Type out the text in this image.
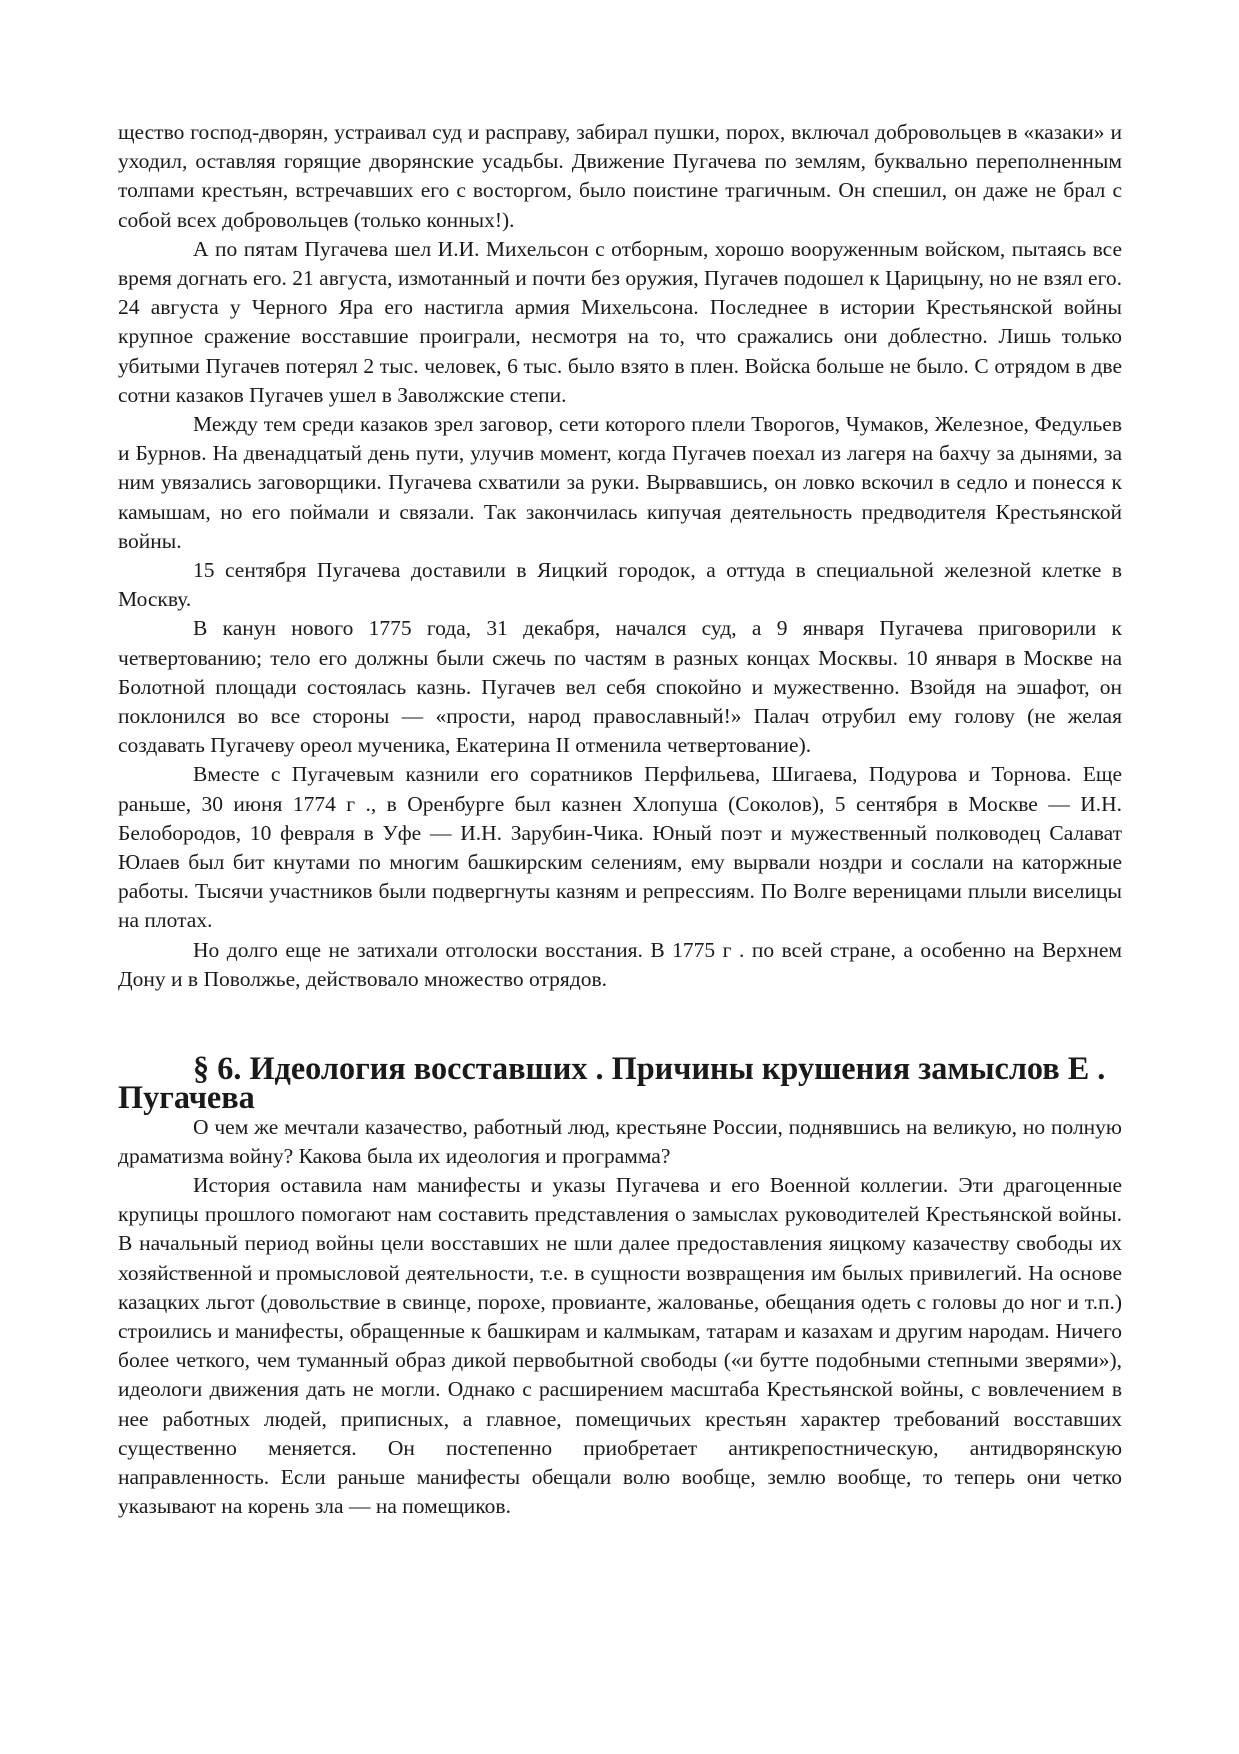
щество господ-дворян, устраивал суд и расправу, забирал пушки, порох, включал добровольцев в «казаки» и уходил, оставляя горящие дворянские усадьбы. Движение Пугачева по землям, буквально переполненным толпами крестьян, встречавших его с восторгом, было поистине трагичным. Он спешил, он даже не брал с собой всех добровольцев (только конных!).

А по пятам Пугачева шел И.И. Михельсон с отборным, хорошо вооруженным войском, пытаясь все время догнать его. 21 августа, измотанный и почти без оружия, Пугачев подошел к Царицыну, но не взял его. 24 августа у Черного Яра его настигла армия Михельсона. Последнее в истории Крестьянской войны крупное сражение восставшие проиграли, несмотря на то, что сражались они доблестно. Лишь только убитыми Пугачев потерял 2 тыс. человек, 6 тыс. было взято в плен. Войска больше не было. С отрядом в две сотни казаков Пугачев ушел в Заволжские степи.

Между тем среди казаков зрел заговор, сети которого плели Творогов, Чумаков, Железное, Федульев и Бурнов. На двенадцатый день пути, улучив момент, когда Пугачев поехал из лагеря на бахчу за дынями, за ним увязались заговорщики. Пугачева схватили за руки. Вырвавшись, он ловко вскочил в седло и понесся к камышам, но его поймали и связали. Так закончилась кипучая деятельность предводителя Крестьянской войны.

15 сентября Пугачева доставили в Яицкий городок, а оттуда в специальной железной клетке в Москву.

В канун нового 1775 года, 31 декабря, начался суд, а 9 января Пугачева приговорили к четвертованию; тело его должны были сжечь по частям в разных концах Москвы. 10 января в Москве на Болотной площади состоялась казнь. Пугачев вел себя спокойно и мужественно. Взойдя на эшафот, он поклонился во все стороны — «прости, народ православный!» Палач отрубил ему голову (не желая создавать Пугачеву ореол мученика, Екатерина II отменила четвертование).

Вместе с Пугачевым казнили его соратников Перфильева, Шигаева, Подурова и Торнова. Еще раньше, 30 июня 1774 г ., в Оренбурге был казнен Хлопуша (Соколов), 5 сентября в Москве — И.Н. Белобородов, 10 февраля в Уфе — И.Н. Зарубин-Чика. Юный поэт и мужественный полководец Салават Юлаев был бит кнутами по многим башкирским селениям, ему вырвали ноздри и сослали на каторжные работы. Тысячи участников были подвергнуты казням и репрессиям. По Волге вереницами плыли виселицы на плотах.

Но долго еще не затихали отголоски восстания. В 1775 г . по всей стране, а особенно на Верхнем Дону и в Поволжье, действовало множество отрядов.

§ 6. Идеология восставших . Причины крушения замыслов Е . Пугачева

О чем же мечтали казачество, работный люд, крестьяне России, поднявшись на великую, но полную драматизма войну? Какова была их идеология и программа?

История оставила нам манифесты и указы Пугачева и его Военной коллегии. Эти драгоценные крупицы прошлого помогают нам составить представления о замыслах руководителей Крестьянской войны. В начальный период войны цели восставших не шли далее предоставления яицкому казачеству свободы их хозяйственной и промысловой деятельности, т.е. в сущности возвращения им былых привилегий. На основе казацких льгот (довольствие в свинце, порохе, провианте, жалованье, обещания одеть с головы до ног и т.п.) строились и манифесты, обращенные к башкирам и калмыкам, татарам и казахам и другим народам. Ничего более четкого, чем туманный образ дикой первобытной свободы («и бутте подобными степными зверями»), идеологи движения дать не могли. Однако с расширением масштаба Крестьянской войны, с вовлечением в нее работных людей, приписных, а главное, помещичьих крестьян характер требований восставших существенно меняется. Он постепенно приобретает антикрепостническую, антидворянскую направленность. Если раньше манифесты обещали волю вообще, землю вообще, то теперь они четко указывают на корень зла — на помещиков.
